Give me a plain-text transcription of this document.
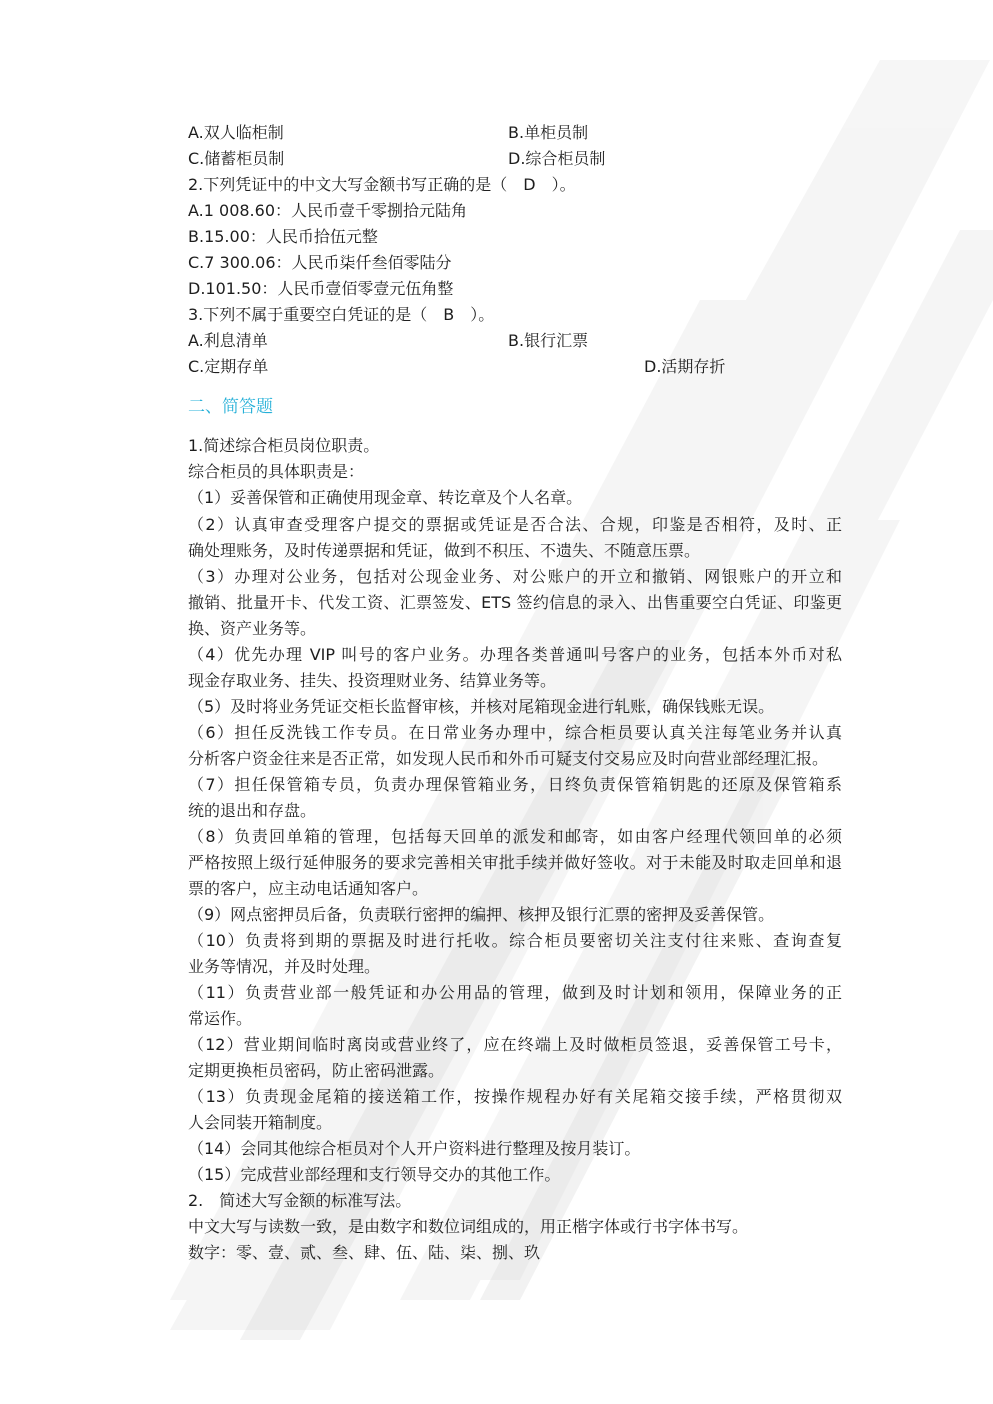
A.双人临柜制	B.单柜员制
C.储蓄柜员制	D.综合柜员制
2.下列凭证中的中文大写金额书写正确的是（　D　）。
A.1 008.60：人民币壹千零捌拾元陆角
B.15.00：人民币拾伍元整
C.7 300.06：人民币柒仟叁佰零陆分
D.101.50：人民币壹佰零壹元伍角整
3.下列不属于重要空白凭证的是（　B　）。
A.利息清单	B.银行汇票
C.定期存单	D.活期存折
二、简答题
1.简述综合柜员岗位职责。
综合柜员的具体职责是：
（1）妥善保管和正确使用现金章、转讫章及个人名章。
（2）认真审查受理客户提交的票据或凭证是否合法、合规，印鉴是否相符，及时、正
确处理账务，及时传递票据和凭证，做到不积压、不遗失、不随意压票。
（3）办理对公业务，包括对公现金业务、对公账户的开立和撤销、网银账户的开立和
撤销、批量开卡、代发工资、汇票签发、ETS 签约信息的录入、出售重要空白凭证、印鉴更
换、资产业务等。
（4）优先办理 VIP 叫号的客户业务。办理各类普通叫号客户的业务，包括本外币对私
现金存取业务、挂失、投资理财业务、结算业务等。
（5）及时将业务凭证交柜长监督审核，并核对尾箱现金进行轧账，确保钱账无误。
（6）担任反洗钱工作专员。在日常业务办理中，综合柜员要认真关注每笔业务并认真
分析客户资金往来是否正常，如发现人民币和外币可疑支付交易应及时向营业部经理汇报。
（7）担任保管箱专员，负责办理保管箱业务，日终负责保管箱钥匙的还原及保管箱系
统的退出和存盘。
（8）负责回单箱的管理，包括每天回单的派发和邮寄，如由客户经理代领回单的必须
严格按照上级行延伸服务的要求完善相关审批手续并做好签收。对于未能及时取走回单和退
票的客户，应主动电话通知客户。
（9）网点密押员后备，负责联行密押的编押、核押及银行汇票的密押及妥善保管。
（10）负责将到期的票据及时进行托收。综合柜员要密切关注支付往来账、查询查复
业务等情况，并及时处理。
（11）负责营业部一般凭证和办公用品的管理，做到及时计划和领用，保障业务的正
常运作。
（12）营业期间临时离岗或营业终了，应在终端上及时做柜员签退，妥善保管工号卡，
定期更换柜员密码，防止密码泄露。
（13）负责现金尾箱的接送箱工作，按操作规程办好有关尾箱交接手续，严格贯彻双
人会同装开箱制度。
（14）会同其他综合柜员对个人开户资料进行整理及按月装订。
（15）完成营业部经理和支行领导交办的其他工作。
2.　简述大写金额的标准写法。
中文大写与读数一致，是由数字和数位词组成的，用正楷字体或行书字体书写。
数字：零、壹、贰、叁、肆、伍、陆、柒、捌、玖
